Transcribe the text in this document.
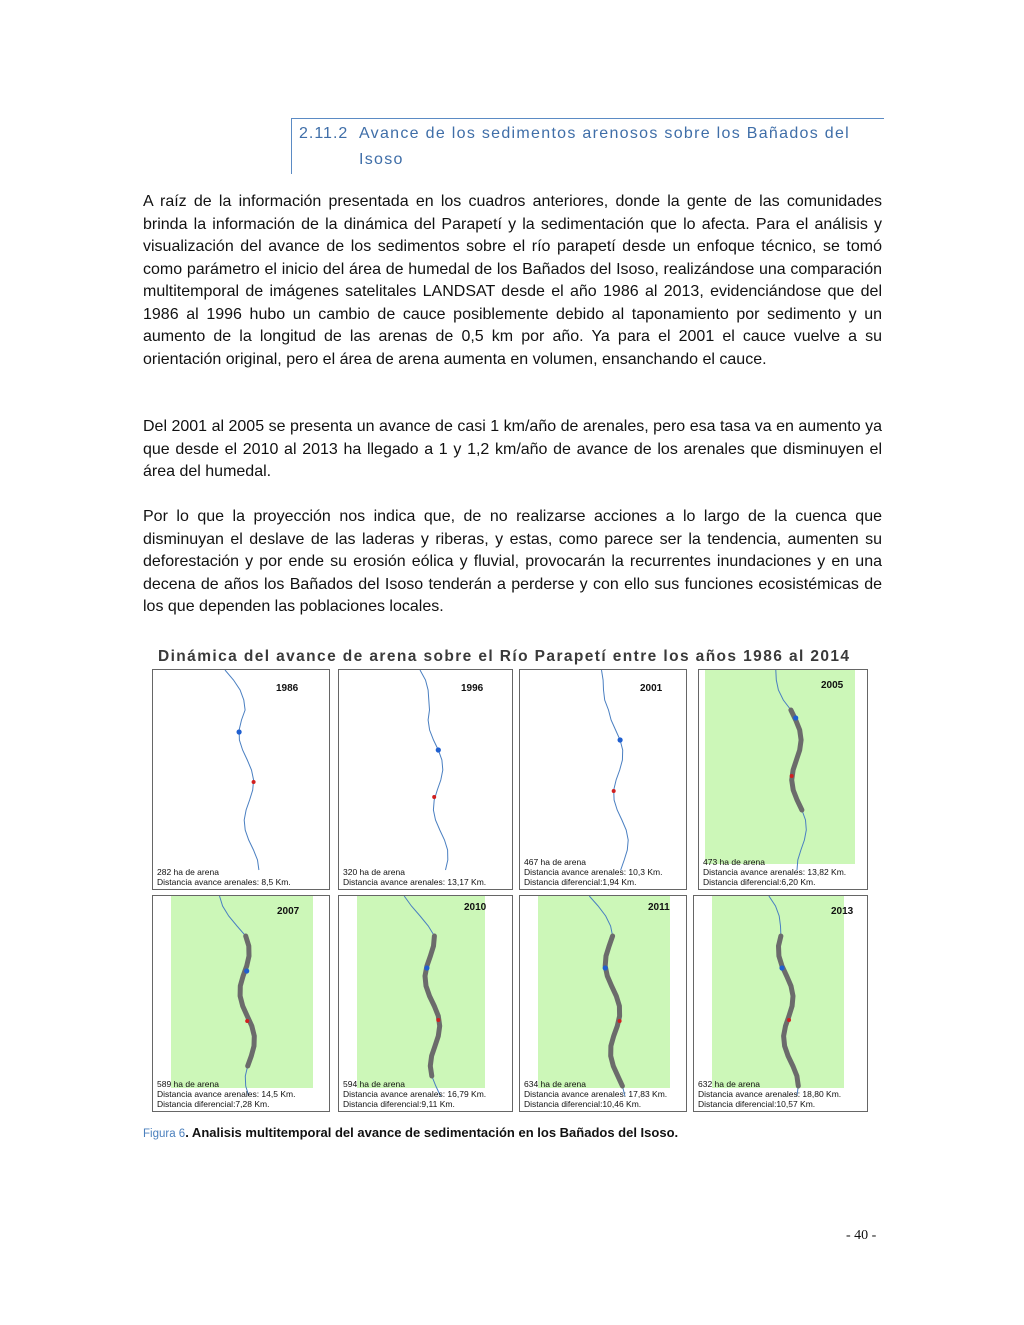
2.11.2 Avance de los sedimentos arenosos sobre los Bañados del
Isoso

A raíz de la información presentada en los cuadros anteriores, donde la gente de las comunidades brinda la información de la dinámica del Parapetí y la sedimentación que lo afecta. Para el análisis y visualización del avance de los sedimentos sobre el río parapetí desde un enfoque técnico, se tomó como parámetro el inicio del área de humedal de los Bañados del Isoso, realizándose una comparación multitemporal de imágenes satelitales LANDSAT desde el año 1986 al 2013, evidenciándose que del 1986 al 1996 hubo un cambio de cauce posiblemente debido al taponamiento por sedimento y un aumento de la longitud de las arenas de 0,5 km por año. Ya para el 2001 el cauce vuelve a su orientación original, pero el área de arena aumenta en volumen, ensanchando el cauce.

Del 2001 al 2005 se presenta un avance de casi 1 km/año de arenales, pero esa tasa va en aumento ya que desde el 2010 al 2013 ha llegado a 1 y 1,2 km/año de avance de los arenales que disminuyen el área del humedal.

Por lo que la proyección nos indica que, de no realizarse acciones a lo largo de la cuenca que disminuyan el deslave de las laderas y riberas, y estas, como parece ser la tendencia, aumenten su deforestación y por ende su erosión eólica y fluvial, provocarán la recurrentes inundaciones y en una decena de años los Bañados del Isoso tenderán a perderse y con ello sus funciones ecosistémicas de los que dependen las poblaciones locales.

Dinámica del avance de arena sobre el Río Parapetí entre los años 1986 al 2014
1986
282 ha de arena
Distancia avance arenales: 8,5 Km.
1996
320 ha de arena
Distancia avance arenales: 13,17 Km.
2001
467 ha de arena
Distancia avance arenales: 10,3 Km.
Distancia diferencial:1,94 Km.
2005
473 ha de arena
Distancia avance arenales: 13,82 Km.
Distancia diferencial:6,20 Km.
2007
589 ha de arena
Distancia avance arenales: 14,5 Km.
Distancia diferencial:7,28 Km.
2010
594 ha de arena
Distancia avance arenales: 16,79 Km.
Distancia diferencial:9,11 Km.
2011
634 ha de arena
Distancia avance arenales: 17,83 Km.
Distancia diferencial:10,46 Km.
2013
632 ha de arena
Distancia avance arenales: 18,80 Km.
Distancia diferencial:10,57 Km.
Figura 6. Analisis multitemporal del avance de sedimentación en los Bañados del Isoso.
- 40 -
